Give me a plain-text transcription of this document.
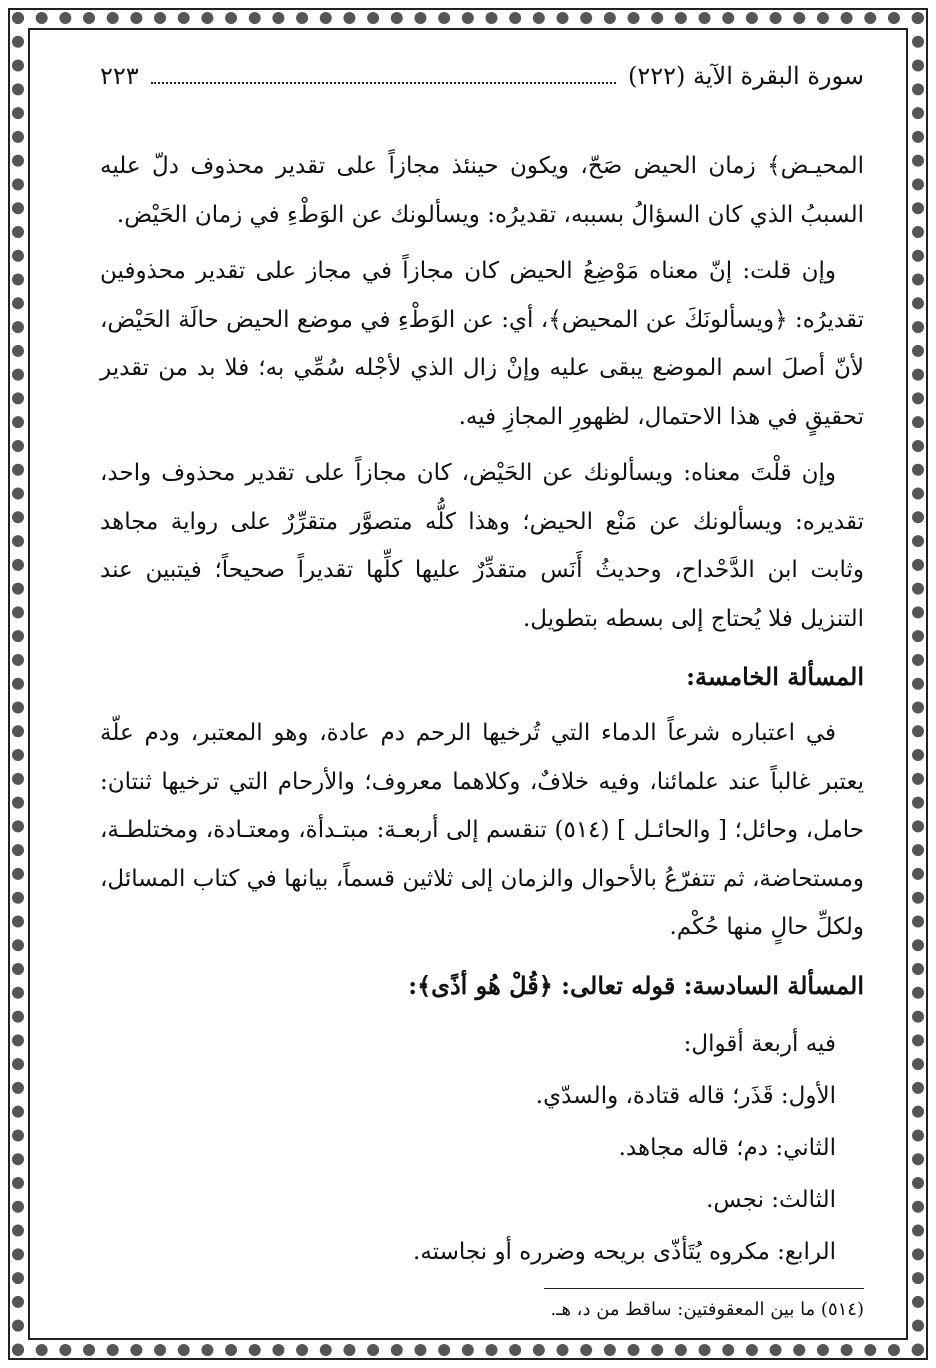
سورة البقرة الآية (٢٢٢)
٢٢٣

المحيـض﴾ زمان الحيض صَحّ، ويكون حينئذ مجازاً على تقدير محذوف دلّ عليه السببُ الذي كان السؤالُ بسببه، تقديرُه: ويسألونك عن الوَطْءِ في زمان الحَيْض.

وإن قلت: إنّ معناه مَوْضِعُ الحيض كان مجازاً في مجاز على تقدير محذوفين تقديرُه: ﴿ويسألونَكَ عن المحيض﴾، أي: عن الوَطْءِ في موضع الحيض حالَة الحَيْض، لأنّ أصلَ اسم الموضع يبقى عليه وإنْ زال الذي لأجْله سُمِّي به؛ فلا بد من تقدير تحقيقٍ في هذا الاحتمال، لظهورِ المجازِ فيه.

وإن قلْتَ معناه: ويسألونك عن الحَيْض، كان مجازاً على تقدير محذوف واحد، تقديره: ويسألونك عن مَنْع الحيض؛ وهذا كلُّه متصوَّر متقرِّرٌ على رواية مجاهد وثابت ابن الدَّحْداح، وحديثُ أَنَس متقدِّرٌ عليها كلِّها تقديراً صحيحاً؛ فيتبين عند التنزيل فلا يُحتاج إلى بسطه بتطويل.

المسألة الخامسة:

في اعتباره شرعاً الدماء التي تُرخيها الرحم دم عادة، وهو المعتبر، ودم علّة يعتبر غالباً عند علمائنا، وفيه خلافٌ، وكلاهما معروف؛ والأرحام التي ترخيها ثنتان: حامل، وحائل؛ [ والحائـل ] (٥١٤) تنقسم إلى أربعـة: مبتـدأة، ومعتـادة، ومختلطـة، ومستحاضة، ثم تتفرّعُ بالأحوال والزمان إلى ثلاثين قسماً، بيانها في كتاب المسائل، ولكلِّ حالٍ منها حُكْم.

المسألة السادسة: قوله تعالى: ﴿قُلْ هُو أذًى﴾:
فيه أربعة أقوال:
الأول: قَذَر؛ قاله قتادة، والسدّي.
الثاني: دم؛ قاله مجاهد.
الثالث: نجس.
الرابع: مكروه يُتَأذّى بريحه وضرره أو نجاسته.
(٥١٤) ما بين المعقوفتين: ساقط من د، هـ.
